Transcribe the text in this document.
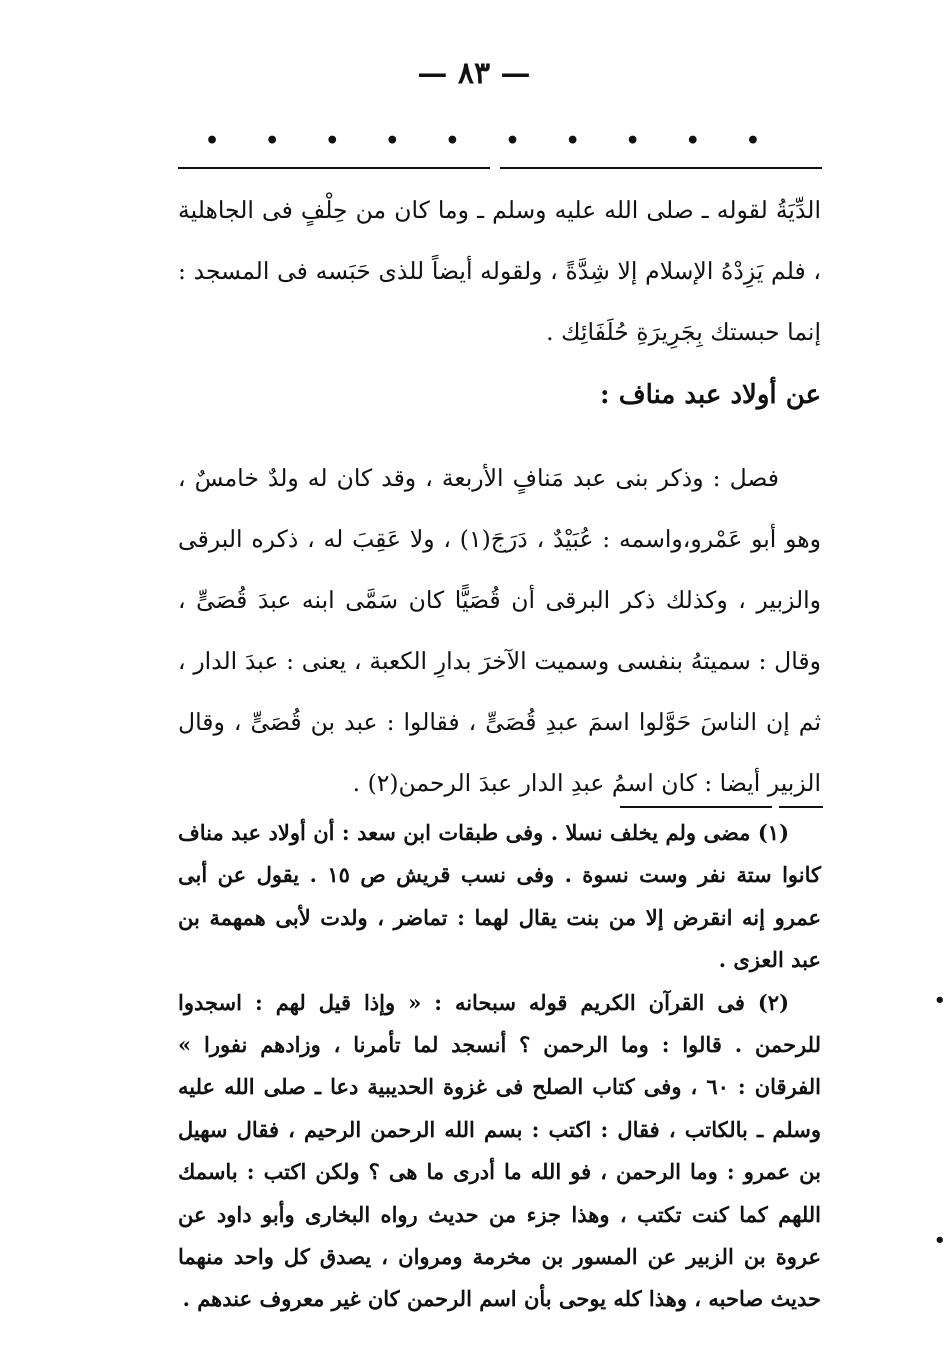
— ٨٣ —
• • • • • • • • • •

الدِّيَةُ لقوله ـ صلى الله عليه وسلم ـ وما كان من حِلْفٍ فى الجاهلية ، فلم يَزِدْهُ الإسلام إلا شِدَّةً ، ولقوله أيضاً للذى حَبَسه فى المسجد : إنما حبستك بِجَرِيرَةِ حُلَفَائِك .

عن أولاد عبد مناف :

فصل : وذكر بنى عبد مَنافٍ الأربعة ، وقد كان له ولدٌ خامسٌ ، وهو أبو عَمْرو،واسمه : عُبَيْدٌ ، دَرَجَ(١) ، ولا عَقِبَ له ، ذكره البرقى والزبير ، وكذلك ذكر البرقى أن قُصَيًّا كان سَمَّى ابنه عبدَ قُصَىٍّ ، وقال : سميتهُ بنفسى وسميت الآخرَ بدارِ الكعبة ، يعنى : عبدَ الدار ، ثم إن الناسَ حَوَّلوا اسمَ عبدِ قُصَىٍّ ، فقالوا : عبد بن قُصَىٍّ ، وقال الزبير أيضا : كان اسمُ عبدِ الدار عبدَ الرحمن(٢) .

(١) مضى ولم يخلف نسلا . وفى طبقات ابن سعد : أن أولاد عبد مناف كانوا ستة نفر وست نسوة . وفى نسب قريش ص ١٥ . يقول عن أبى عمرو إنه انقرض إلا من بنت يقال لهما : تماضر ، ولدت لأبى همهمة بن عبد العزى .

(٢) فى القرآن الكريم قوله سبحانه : « وإذا قيل لهم : اسجدوا للرحمن . قالوا : وما الرحمن ؟ أنسجد لما تأمرنا ، وزادهم نفورا » الفرقان : ٦٠ ، وفى كتاب الصلح فى غزوة الحديبية دعا ـ صلى الله عليه وسلم ـ بالكاتب ، فقال : اكتب : بسم الله الرحمن الرحيم ، فقال سهيل بن عمرو : وما الرحمن ، فو الله ما أدرى ما هى ؟ ولكن اكتب : باسمك اللهم كما كنت تكتب ، وهذا جزء من حديث رواه البخارى وأبو داود عن عروة بن الزبير عن المسور بن مخرمة ومروان ، يصدق كل واحد منهما حديث صاحبه ، وهذا كله يوحى بأن اسم الرحمن كان غير معروف عندهم .

•
•
